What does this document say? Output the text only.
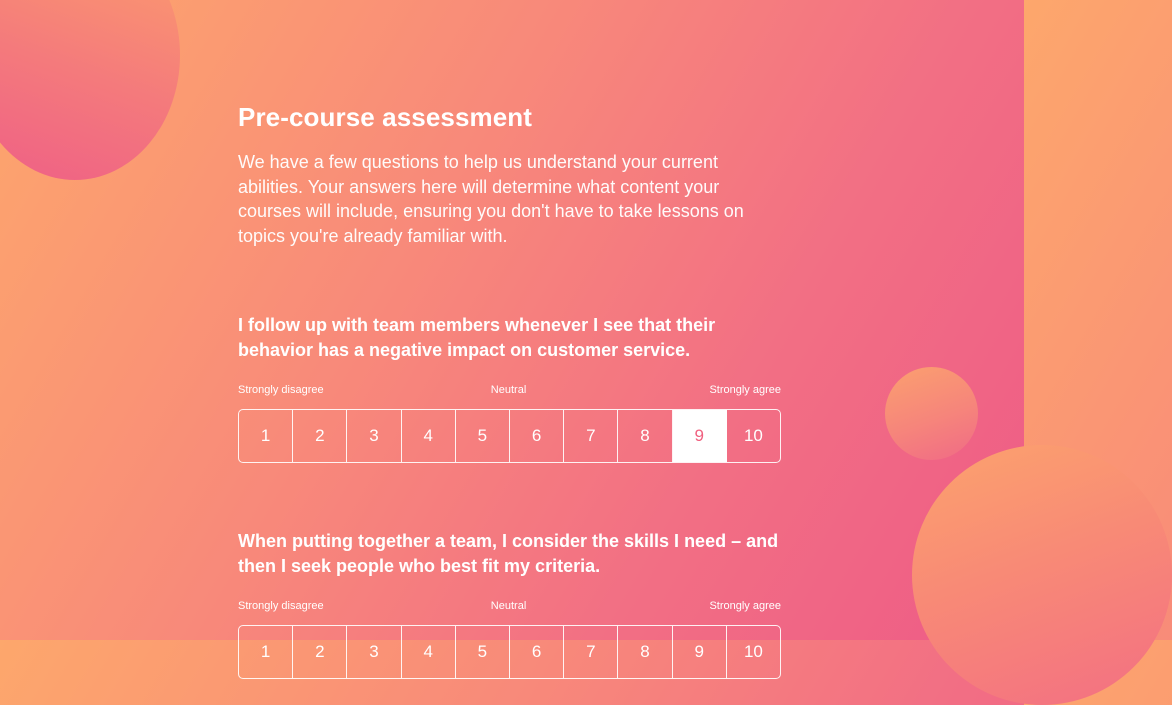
Pre-course assessment

We have a few questions to help us understand your current abilities. Your answers here will determine what content your courses will include, ensuring you don't have to take lessons on topics you're already familiar with.

I follow up with team members whenever I see that their behavior has a negative impact on customer service.

Strongly disagree	Neutral	Strongly agree
1	2	3	4	5	6	7	8	9	10

When putting together a team, I consider the skills I need – and then I seek people who best fit my criteria.

Strongly disagree	Neutral	Strongly agree
1	2	3	4	5	6	7	8	9	10
